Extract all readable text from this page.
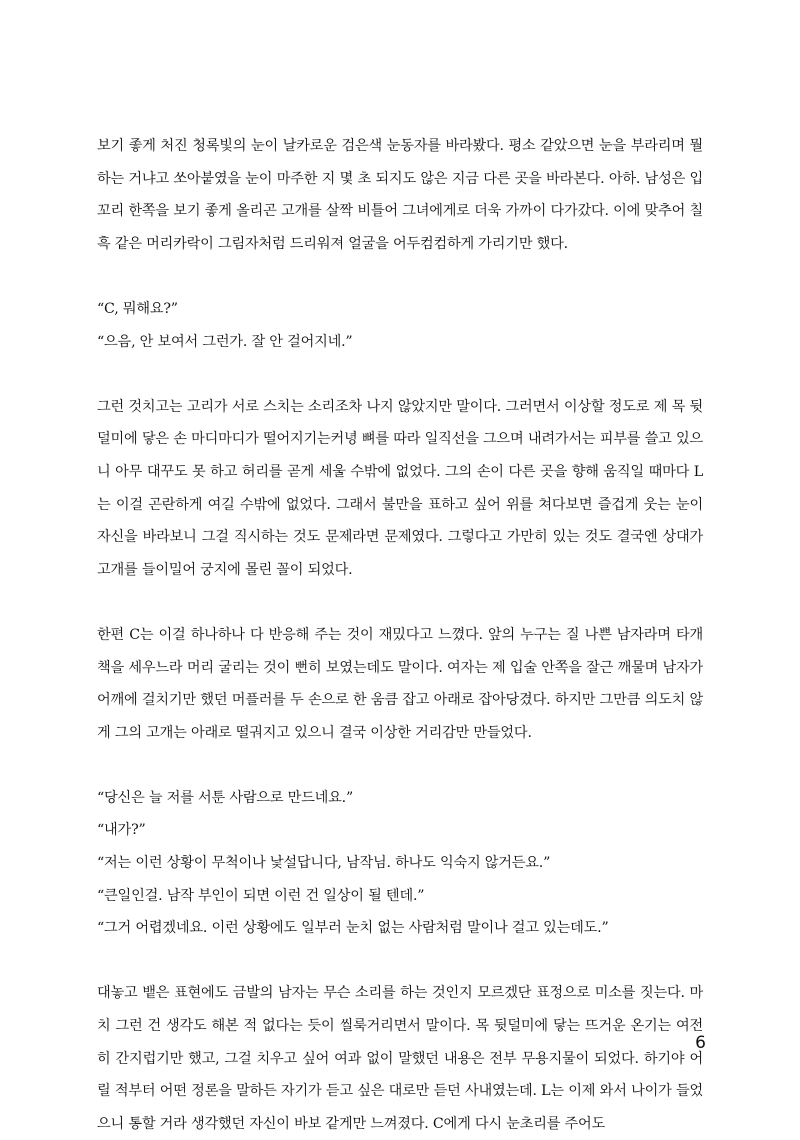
보기 좋게 처진 청록빛의 눈이 날카로운 검은색 눈동자를 바라봤다. 평소 같았으면 눈을 부라리며 뭘 하는 거냐고 쏘아붙였을 눈이 마주한 지 몇 초 되지도 않은 지금 다른 곳을 바라본다. 아하. 남성은 입꼬리 한쪽을 보기 좋게 올리곤 고개를 살짝 비틀어 그녀에게로 더욱 가까이 다가갔다. 이에 맞추어 칠흑 같은 머리카락이 그림자처럼 드리워져 얼굴을 어두컴컴하게 가리기만 했다.

“C, 뭐해요?”

“으음, 안 보여서 그런가. 잘 안 걸어지네.”

그런 것치고는 고리가 서로 스치는 소리조차 나지 않았지만 말이다. 그러면서 이상할 정도로 제 목 뒷덜미에 닿은 손 마디마디가 떨어지기는커녕 뼈를 따라 일직선을 그으며 내려가서는 피부를 쓸고 있으니 아무 대꾸도 못 하고 허리를 곧게 세울 수밖에 없었다. 그의 손이 다른 곳을 향해 움직일 때마다 L는 이걸 곤란하게 여길 수밖에 없었다. 그래서 불만을 표하고 싶어 위를 쳐다보면 즐겁게 웃는 눈이 자신을 바라보니 그걸 직시하는 것도 문제라면 문제였다. 그렇다고 가만히 있는 것도 결국엔 상대가 고개를 들이밀어 궁지에 몰린 꼴이 되었다.

한편 C는 이걸 하나하나 다 반응해 주는 것이 재밌다고 느꼈다. 앞의 누구는 질 나쁜 남자라며 타개책을 세우느라 머리 굴리는 것이 뻔히 보였는데도 말이다. 여자는 제 입술 안쪽을 잘근 깨물며 남자가 어깨에 걸치기만 했던 머플러를 두 손으로 한 움큼 잡고 아래로 잡아당겼다. 하지만 그만큼 의도치 않게 그의 고개는 아래로 떨궈지고 있으니 결국 이상한 거리감만 만들었다.

“당신은 늘 저를 서툰 사람으로 만드네요.”

“내가?”

“저는 이런 상황이 무척이나 낯설답니다, 남작님. 하나도 익숙지 않거든요.”

“큰일인걸. 남작 부인이 되면 이런 건 일상이 될 텐데.”

“그거 어렵겠네요. 이런 상황에도 일부러 눈치 없는 사람처럼 말이나 걸고 있는데도.”

대놓고 뱉은 표현에도 금발의 남자는 무슨 소리를 하는 것인지 모르겠단 표정으로 미소를 짓는다. 마치 그런 건 생각도 해본 적 없다는 듯이 씰룩거리면서 말이다. 목 뒷덜미에 닿는 뜨거운 온기는 여전히 간지럽기만 했고, 그걸 치우고 싶어 여과 없이 말했던 내용은 전부 무용지물이 되었다. 하기야 어릴 적부터 어떤 정론을 말하든 자기가 듣고 싶은 대로만 듣던 사내였는데. L는 이제 와서 나이가 들었으니 통할 거라 생각했던 자신이 바보 같게만 느껴졌다. C에게 다시 눈초리를 주어도

6
